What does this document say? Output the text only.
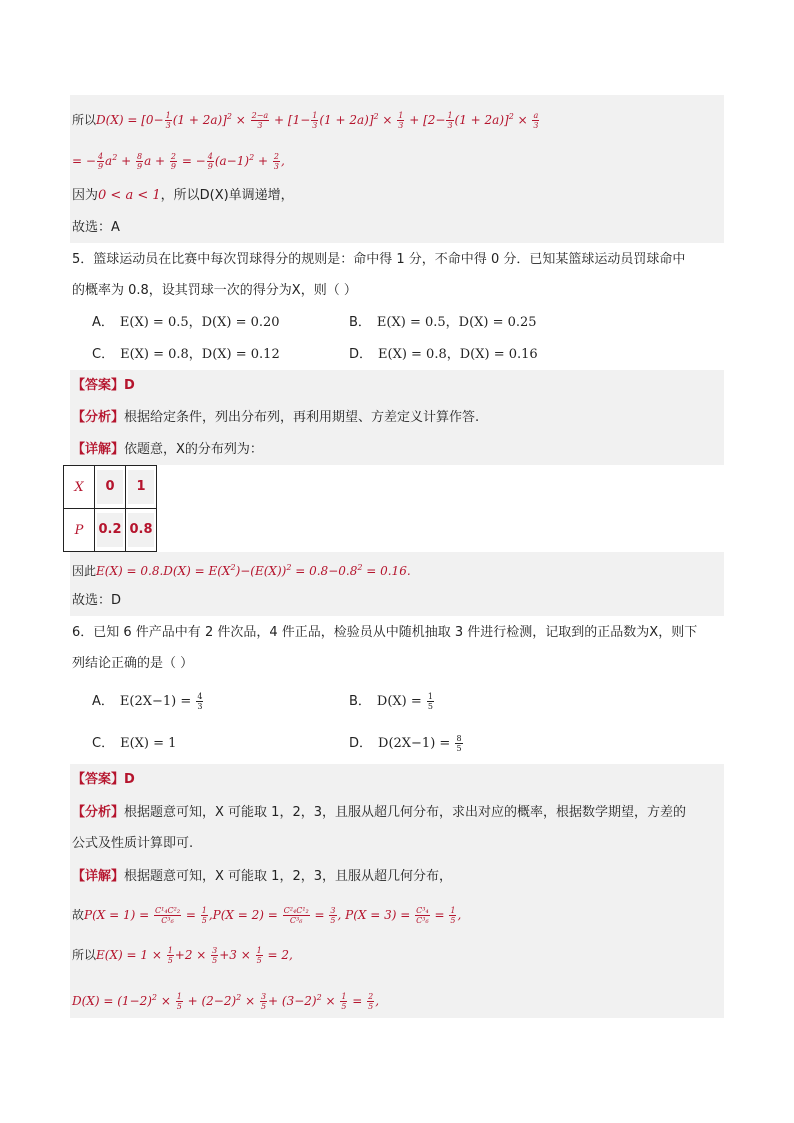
所以$D(X) = [0- \frac{1}{3} (1 + 2a)]^2 \times \frac{2-a}{3} + [1- \frac{1}{3} (1 + 2a)]^2 \times \frac{1}{3} + [2- \frac{1}{3} (1 + 2a)]^2 \times \frac{a}{3}$
= − $\frac{4}{9} a^2 + \frac{8}{9}$ $a + \frac{2}{9}$ = − $\frac{4}{9} (a-1)^2 + \frac{2}{3}$ ,
因为0 < a < 1，所以D(X)单调递增，
故选：A
5．篮球运动员在比赛中每次罚球得分的规则是：命中得 1 分，不命中得 0 分．已知某篮球运动员罚球命中
的概率为 0.8，设其罚球一次的得分为X，则（ ）
A． E(X) = 0.5，D(X) = 0.20	B． E(X) = 0.5，D(X) = 0.25
C． E(X) = 0.8，D(X) = 0.12	D． E(X) = 0.8，D(X) = 0.16
【答案】D
【分析】根据给定条件，列出分布列，再利用期望、方差定义计算作答.
【详解】依题意，X的分布列为：
X	0	1
P	0.2	0.8
因此$E(X) = 0.8.D(X) = E(X^2)-(E(X))^2 = 0.8-0.8^2 = 0.16$.
故选：D
6．已知 6 件产品中有 2 件次品，4 件正品，检验员从中随机抽取 3 件进行检测，记取到的正品数为X，则下
列结论正确的是（ ）
A． $E(2X-1) = \frac{4}{3}$	B． $D(X) = \frac{1}{5}$
C． E(X) = 1	D． $D(2X-1) = \frac{8}{5}$
【答案】D
【分析】根据题意可知，X 可能取 1，2，3，且服从超几何分布，求出对应的概率，根据数学期望，方差的
公式及性质计算即可.
【详解】根据题意可知，X 可能取 1，2，3，且服从超几何分布，
故$P(X = 1) = \frac{\text{C¹₄C²₂}}{\text{C³₆}} = \frac{1}{5} ,P(X = 2) = \frac{\text{C²₄C¹₂}}{\text{C³₆}} = \frac{3}{5}$ , $P(X = 3) = \frac{\text{C³₄}}{\text{C³₆}} = \frac{1}{5}$ ,
所以$E(X) = 1 \times \frac{1}{5} +2 \times \frac{3}{5} +3 \times \frac{1}{5} = 2$,
$D(X) = (1-2)^2 \times \frac{1}{5} + (2-2)^2 \times \frac{3}{5} + (3-2)^2 \times \frac{1}{5} = \frac{2}{5}$ ,
